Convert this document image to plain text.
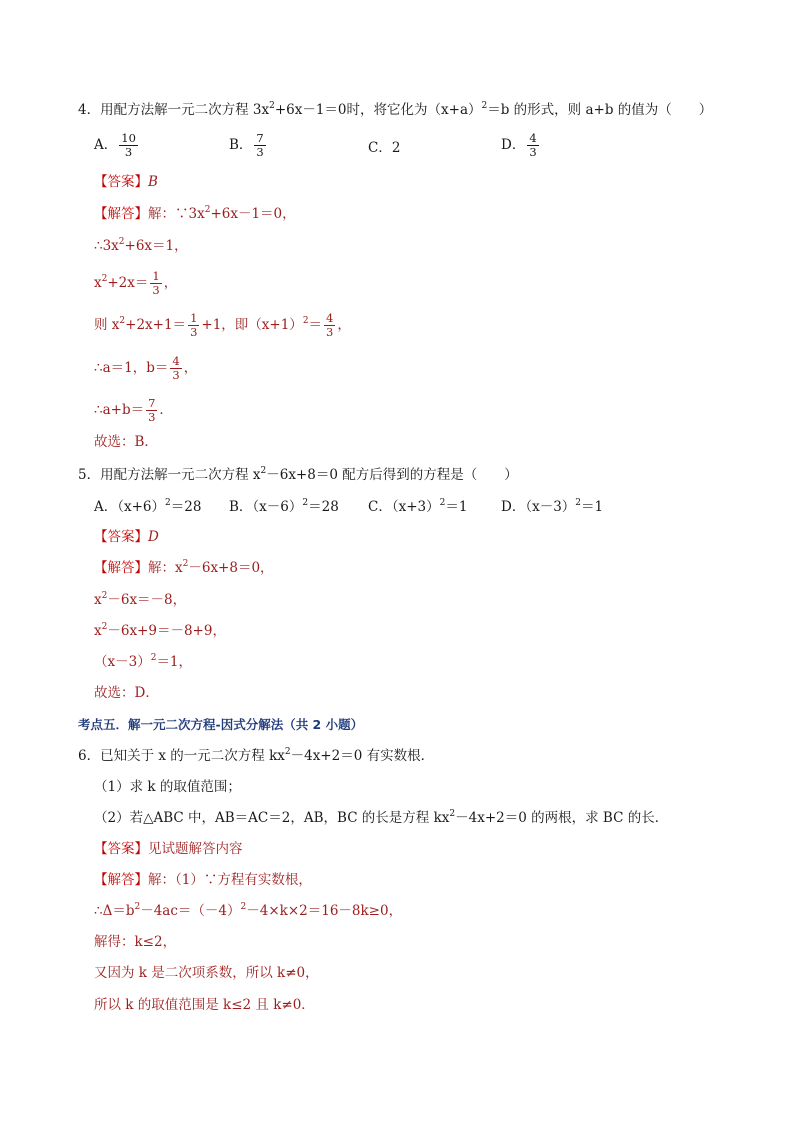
4．用配方法解一元二次方程 $3x^2+6x-1=0$时，将它化为$(x+a)^2=b$ 的形式，则 a+b 的值为（　　）
A． $\frac{10}{3}$	B． $\frac{7}{3}$	C．2	D． $\frac{4}{3}$
【答案】B
【解答】解：$\because 3x^2+6x-1=0$，
$\therefore 3x^2+6x=1$，
$x^2+2x= \frac{1}{3}$ ，
则 $x^2+2x+1= \frac{1}{3} +1$，即$(x+1)^2= \frac{4}{3}$ ，
∴a＝1，$b= \frac{4}{3}$ ，
∴a+b＝ $\frac{7}{3}$ ．
故选：B．
5．用配方法解一元二次方程 $x^2-6x+8=0$ 配方后得到的方程是（　　）
A．$(x+6)^2=28$ B．$(x-6)^2=28$ C．$(x+3)^2=1$ D．$(x-3)^2=1$
【答案】D
【解答】解：$x^2-6x+8=0$，
$x^2-6x=-8$，
$x^2-6x+9=-8+9$，
$(x-3)^2=1$，
故选：D．
考点五．解一元二次方程-因式分解法（共 2 小题）
6．已知关于 x 的一元二次方程 $kx^2-4x+2=0$ 有实数根．
（1）求 k 的取值范围；
（2）若△ABC 中，AB＝AC＝2，AB，BC 的长是方程 $kx^2-4x+2=0$ 的两根，求 BC 的长．
【答案】见试题解答内容
【解答】解：（1）∵方程有实数根，
$\therefore\Delta=b^2-4ac=(-4)^2-4\times k\times 2=16-8k\ge 0$，
解得：k≤2，
又因为 k 是二次项系数，所以 k≠0，
所以 k 的取值范围是 k≤2 且 k≠0．
